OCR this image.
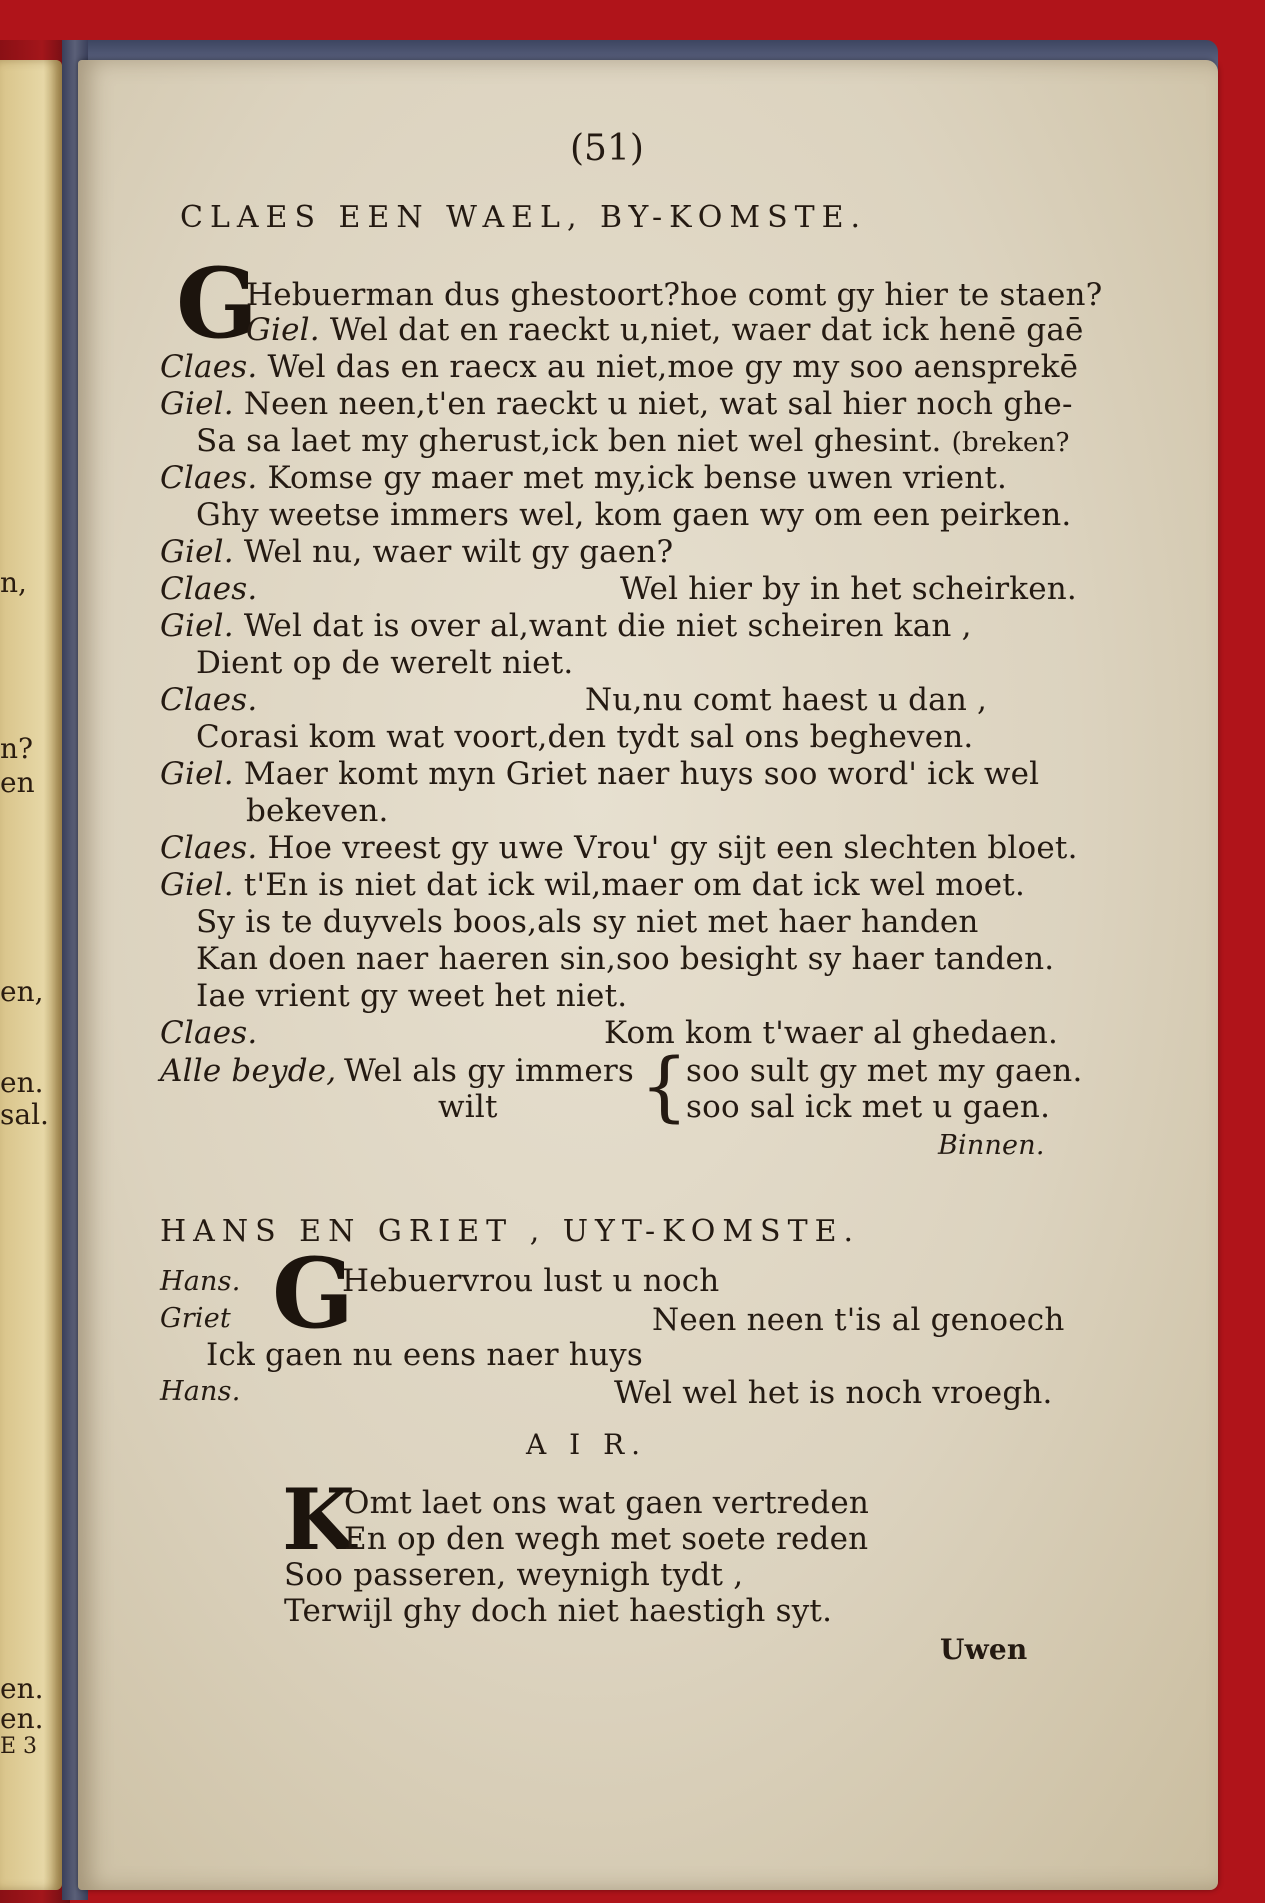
n,
n?
en
en,
en.
sal.
en.
en.
E 3
(51)
CLAES EEN WAEL, BY-KOMSTE.
G
Hebuerman dus ghestoort?hoe comt gy hier te staen?
Giel. Wel dat en raeckt u,niet, waer dat ick henē gaē
Claes. Wel das en raecx au niet,moe gy my soo aensprekē
Giel. Neen neen,t'en raeckt u niet, wat sal hier noch ghe-
Sa sa laet my gherust,ick ben niet wel ghesint. (breken?
Claes. Komse gy maer met my,ick bense uwen vrient.
Ghy weetse immers wel, kom gaen wy om een peirken.
Giel. Wel nu, waer wilt gy gaen?
Claes.	Wel hier by in het scheirken.
Giel. Wel dat is over al,want die niet scheiren kan ,
Dient op de werelt niet.
Claes.	Nu,nu comt haest u dan ,
Corasi kom wat voort,den tydt sal ons begheven.
Giel. Maer komt myn Griet naer huys soo word' ick wel
bekeven.
Claes. Hoe vreest gy uwe Vrou' gy sijt een slechten bloet.
Giel. t'En is niet dat ick wil,maer om dat ick wel moet.
Sy is te duyvels boos,als sy niet met haer handen
Kan doen naer haeren sin,soo besight sy haer tanden.
Iae vrient gy weet het niet.
Claes.	Kom kom t'waer al ghedaen.
Alle beyde, Wel als gy immers
wilt {
soo sult gy met my gaen.
soo sal ick met u gaen.
Binnen.
HANS EN GRIET , UYT-KOMSTE.
Hans. G
Hebuervrou lust u noch
Griet	Neen neen t'is al genoech
Ick gaen nu eens naer huys
Hans.	Wel wel het is noch vroegh.
A I R.
K
Omt laet ons wat gaen vertreden
En op den wegh met soete reden
Soo passeren, weynigh tydt ,
Terwijl ghy doch niet haestigh syt.
Uwen
